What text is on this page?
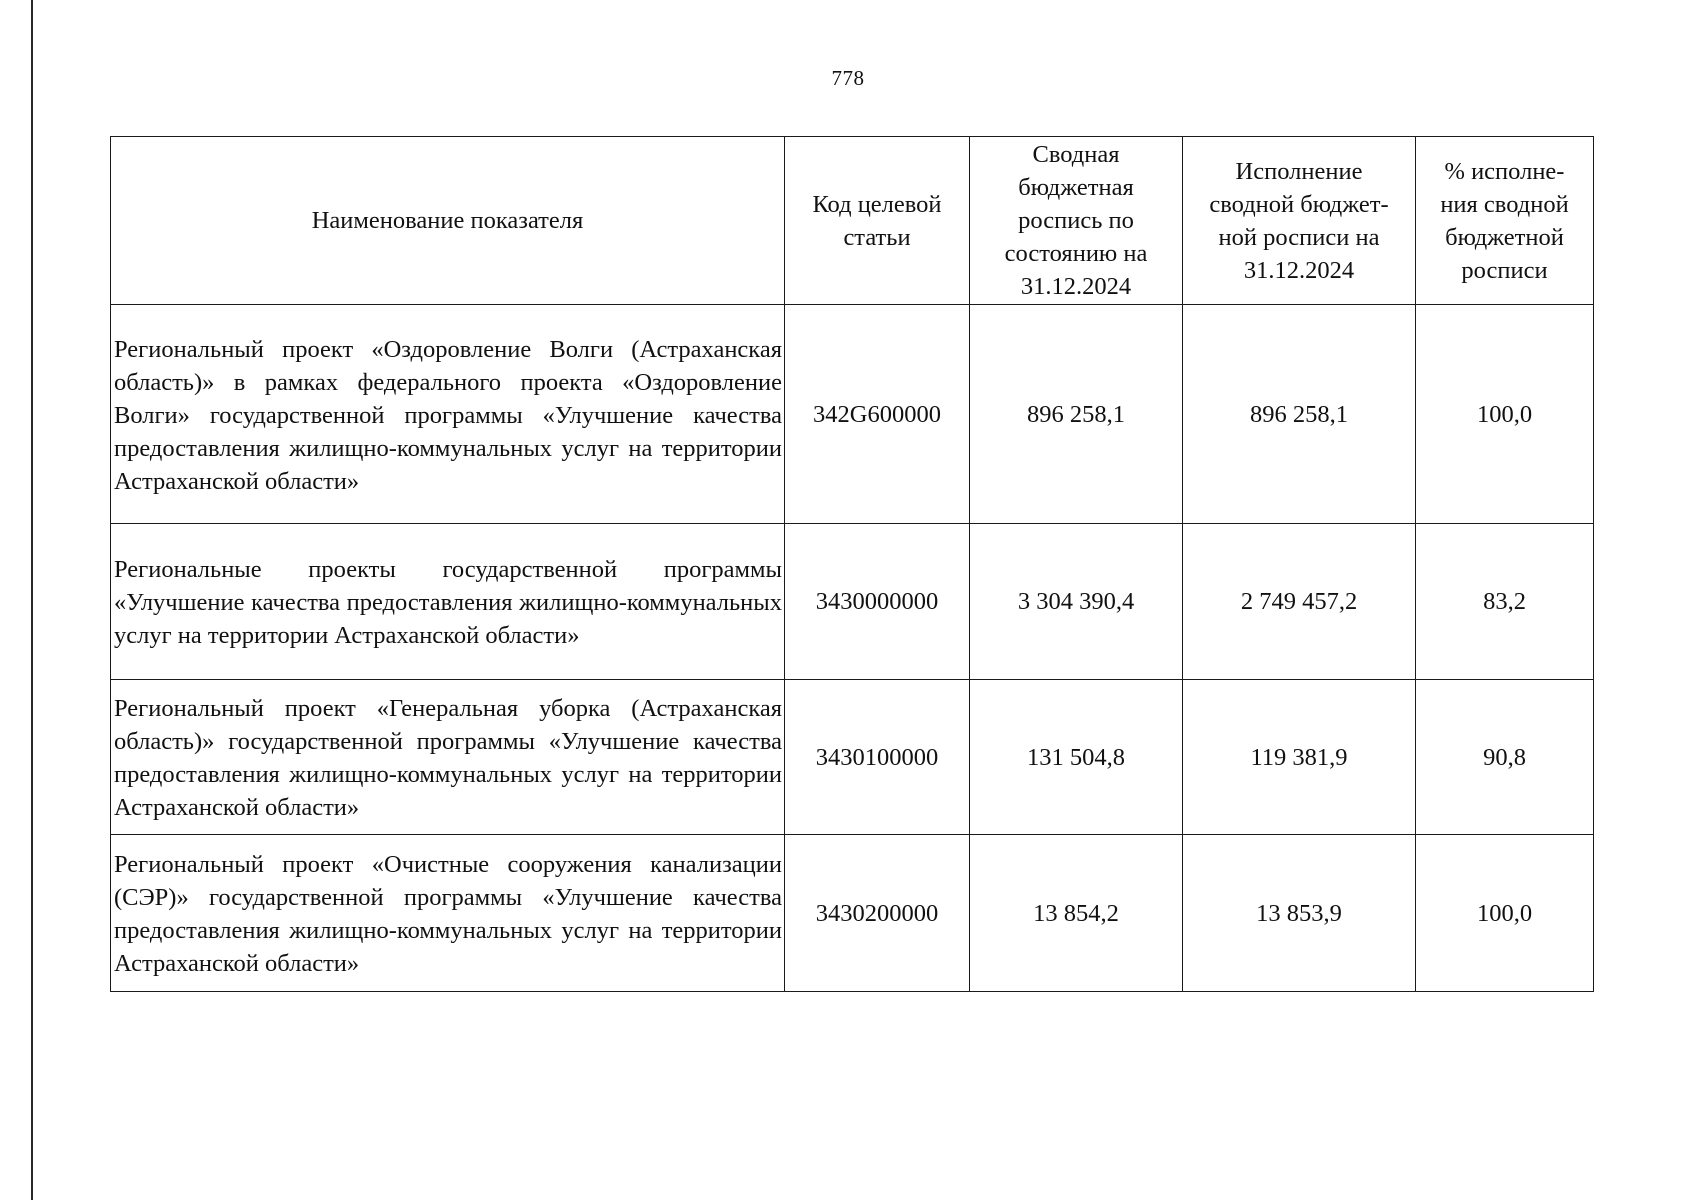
778
Наименование показателя	Код целевой статьи	Сводная бюджетная роспись по состоянию на 31.12.2024	Исполнение сводной бюджет-ной росписи на 31.12.2024	% исполне-ния сводной бюджетной росписи
Региональный проект «Оздоровление Волги (Астраханская область)» в рамках федерального проекта «Оздоровление Волги» государственной программы «Улучшение качества предоставления жилищно-коммунальных услуг на территории Астраханской области»	342G600000	896 258,1	896 258,1	100,0
Региональные проекты государственной программы «Улучшение качества предоставления жилищно-коммунальных услуг на территории Астраханской области»	3430000000	3 304 390,4	2 749 457,2	83,2
Региональный проект «Генеральная уборка (Астраханская область)» государственной программы «Улучшение качества предоставления жилищно-коммунальных услуг на территории Астраханской области»	3430100000	131 504,8	119 381,9	90,8
Региональный проект «Очистные сооружения канализации (СЭР)» государственной программы «Улучшение качества предоставления жилищно-коммунальных услуг на территории Астраханской области»	3430200000	13 854,2	13 853,9	100,0
